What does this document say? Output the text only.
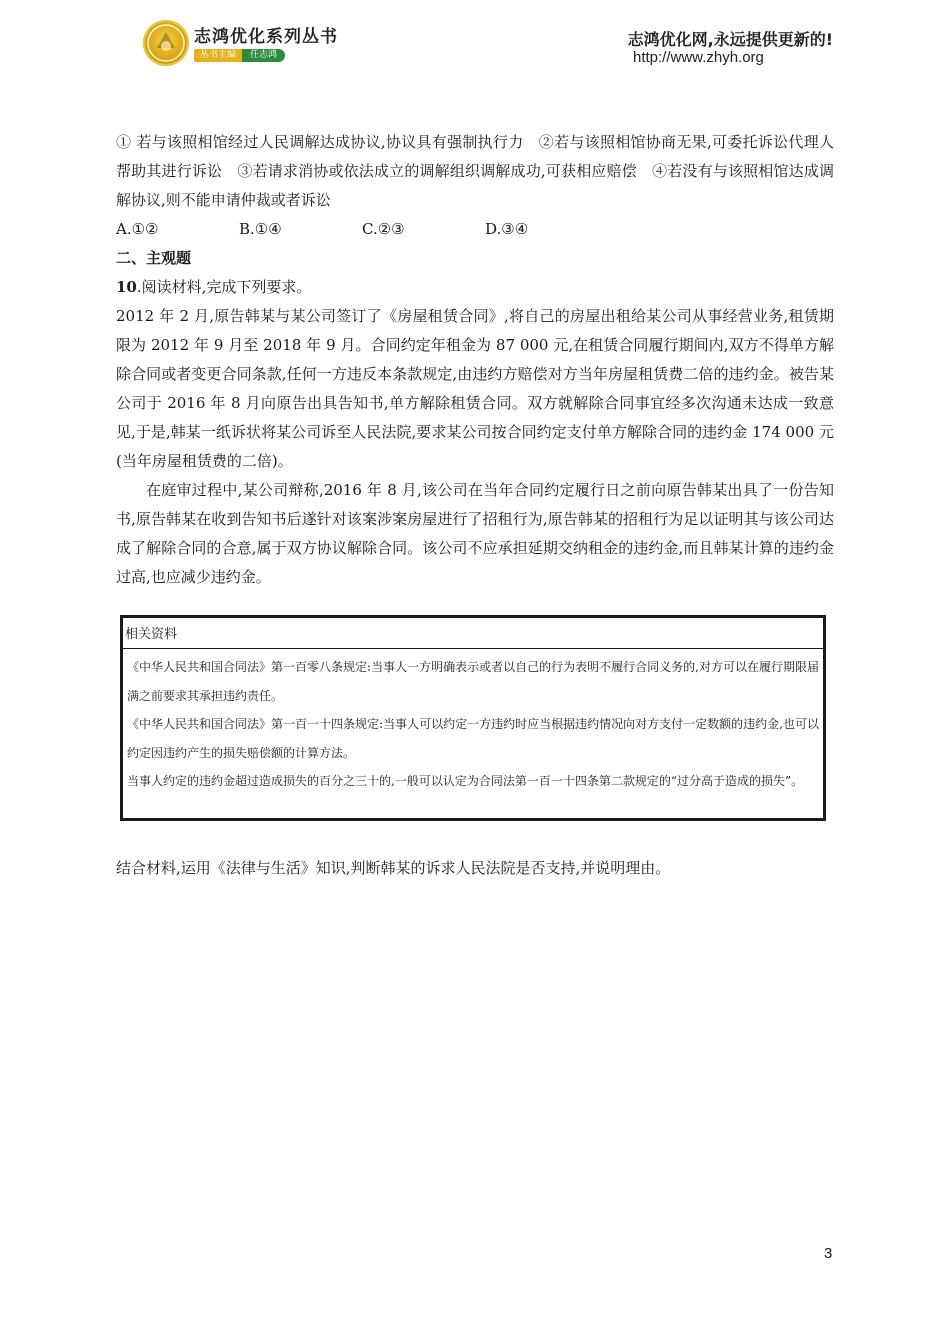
志鸿优化系列丛书
丛书主编	任志鸿
志鸿优化网,永远提供更新的!
http://www.zhyh.org

① 若与该照相馆经过人民调解达成协议,协议具有强制执行力　②若与该照相馆协商无果,可委托诉讼代理人帮助其进行诉讼　③若请求消协或依法成立的调解组织调解成功,可获相应赔偿　④若没有与该照相馆达成调解协议,则不能申请仲裁或者诉讼

A.①②	B.①④	C.②③	D.③④

二、主观题

10.阅读材料,完成下列要求。

2012 年 2 月,原告韩某与某公司签订了《房屋租赁合同》,将自己的房屋出租给某公司从事经营业务,租赁期限为 2012 年 9 月至 2018 年 9 月。合同约定年租金为 87 000 元,在租赁合同履行期间内,双方不得单方解除合同或者变更合同条款,任何一方违反本条款规定,由违约方赔偿对方当年房屋租赁费二倍的违约金。被告某公司于 2016 年 8 月向原告出具告知书,单方解除租赁合同。双方就解除合同事宜经多次沟通未达成一致意见,于是,韩某一纸诉状将某公司诉至人民法院,要求某公司按合同约定支付单方解除合同的违约金 174 000 元(当年房屋租赁费的二倍)。

在庭审过程中,某公司辩称,2016 年 8 月,该公司在当年合同约定履行日之前向原告韩某出具了一份告知书,原告韩某在收到告知书后遂针对该案涉案房屋进行了招租行为,原告韩某的招租行为足以证明其与该公司达成了解除合同的合意,属于双方协议解除合同。该公司不应承担延期交纳租金的违约金,而且韩某计算的违约金过高,也应减少违约金。

相关资料

《中华人民共和国合同法》第一百零八条规定:当事人一方明确表示或者以自己的行为表明不履行合同义务的,对方可以在履行期限届满之前要求其承担违约责任。

《中华人民共和国合同法》第一百一十四条规定:当事人可以约定一方违约时应当根据违约情况向对方支付一定数额的违约金,也可以约定因违约产生的损失赔偿额的计算方法。

当事人约定的违约金超过造成损失的百分之三十的,一般可以认定为合同法第一百一十四条第二款规定的“过分高于造成的损失”。

结合材料,运用《法律与生活》知识,判断韩某的诉求人民法院是否支持,并说明理由。
3
